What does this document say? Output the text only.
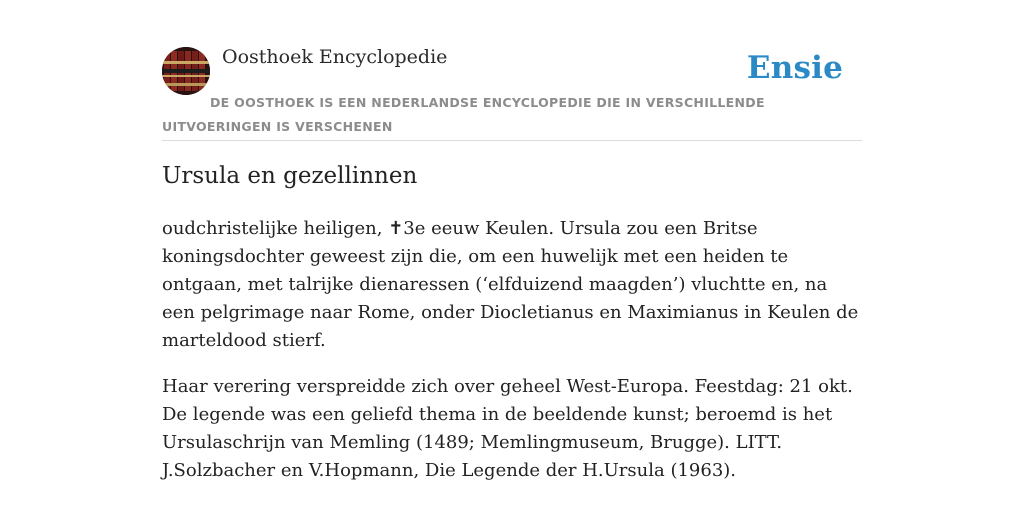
Oosthoek Encyclopedie	Ensie
DE OOSTHOEK IS EEN NEDERLANDSE ENCYCLOPEDIE DIE IN VERSCHILLENDE UITVOERINGEN IS VERSCHENEN
Ursula en gezellinnen

oudchristelijke heiligen, ✝3e eeuw Keulen. Ursula zou een Britse koningsdochter geweest zijn die, om een huwelijk met een heiden te ontgaan, met talrijke dienaressen (‘elfduizend maagden’) vluchtte en, na een pelgrimage naar Rome, onder Diocletianus en Maximianus in Keulen de marteldood stierf.

Haar verering verspreidde zich over geheel West-Europa. Feestdag: 21 okt. De legende was een geliefd thema in de beeldende kunst; beroemd is het Ursulaschrijn van Memling (1489; Memlingmuseum, Brugge). LITT. J.Solzbacher en V.Hopmann, Die Legende der H.Ursula (1963).
